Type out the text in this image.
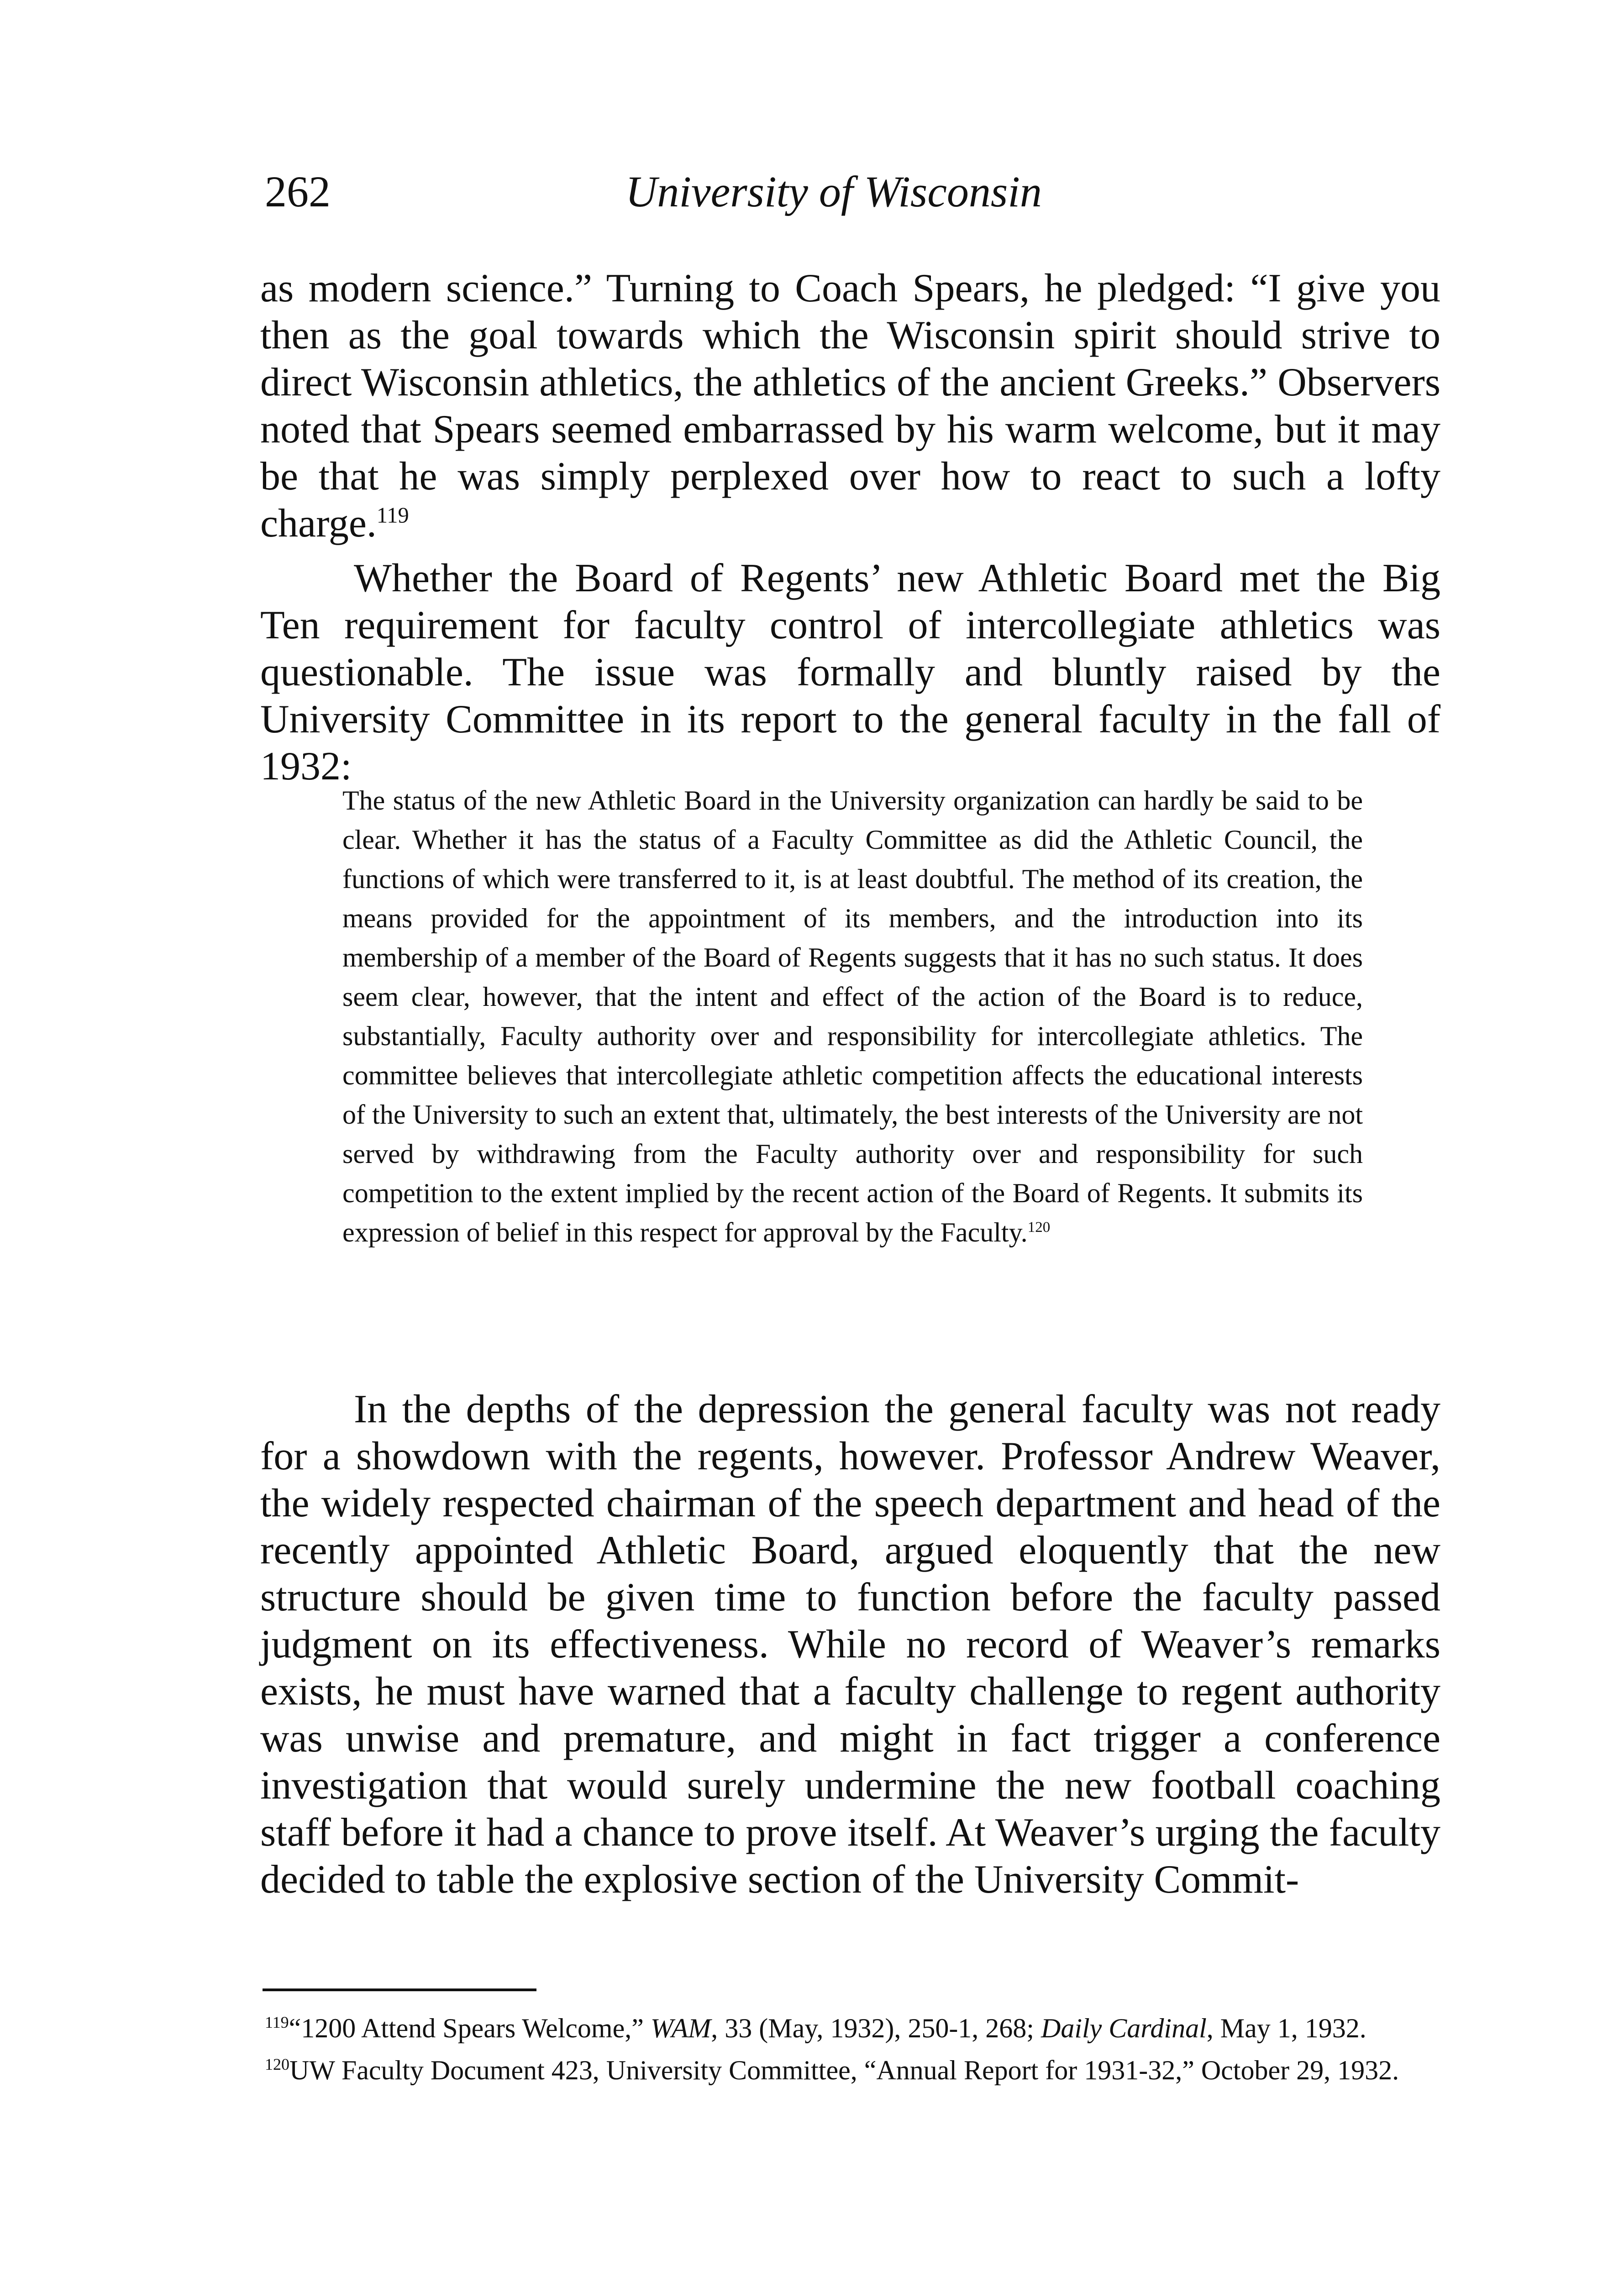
262	University of Wisconsin

as modern science.” Turning to Coach Spears, he pledged: “I give you then as the goal towards which the Wisconsin spirit should strive to direct Wisconsin athletics, the athletics of the ancient Greeks.” Observers noted that Spears seemed embarrassed by his warm welcome, but it may be that he was simply perplexed over how to react to such a lofty charge.$^{119}$

Whether the Board of Regents’ new Athletic Board met the Big Ten requirement for faculty control of intercollegiate athletics was questionable. The issue was formally and bluntly raised by the University Committee in its report to the general faculty in the fall of 1932:

The status of the new Athletic Board in the University organization can hardly be said to be clear. Whether it has the status of a Faculty Committee as did the Athletic Council, the functions of which were transferred to it, is at least doubtful. The method of its creation, the means provided for the appointment of its members, and the introduction into its membership of a member of the Board of Regents suggests that it has no such status. It does seem clear, however, that the intent and effect of the action of the Board is to reduce, substantially, Faculty authority over and responsibility for intercollegiate athletics. The committee believes that intercollegiate athletic competition affects the educational interests of the University to such an extent that, ultimately, the best interests of the University are not served by withdrawing from the Faculty authority over and responsibility for such competition to the extent implied by the recent action of the Board of Regents. It submits its expression of belief in this respect for approval by the Faculty.$^{120}$

In the depths of the depression the general faculty was not ready for a showdown with the regents, however. Professor Andrew Weaver, the widely respected chairman of the speech department and head of the recently appointed Athletic Board, argued eloquently that the new structure should be given time to function before the faculty passed judgment on its effectiveness. While no record of Weaver’s remarks exists, he must have warned that a faculty challenge to regent authority was unwise and premature, and might in fact trigger a conference investigation that would surely undermine the new football coaching staff before it had a chance to prove itself. At Weaver’s urging the faculty decided to table the explosive section of the University Commit-

$^{119}$“1200 Attend Spears Welcome,” WAM, 33 (May, 1932), 250-1, 268; Daily Cardinal, May 1, 1932.

$^{120}$UW Faculty Document 423, University Committee, “Annual Report for 1931-32,” October 29, 1932.
